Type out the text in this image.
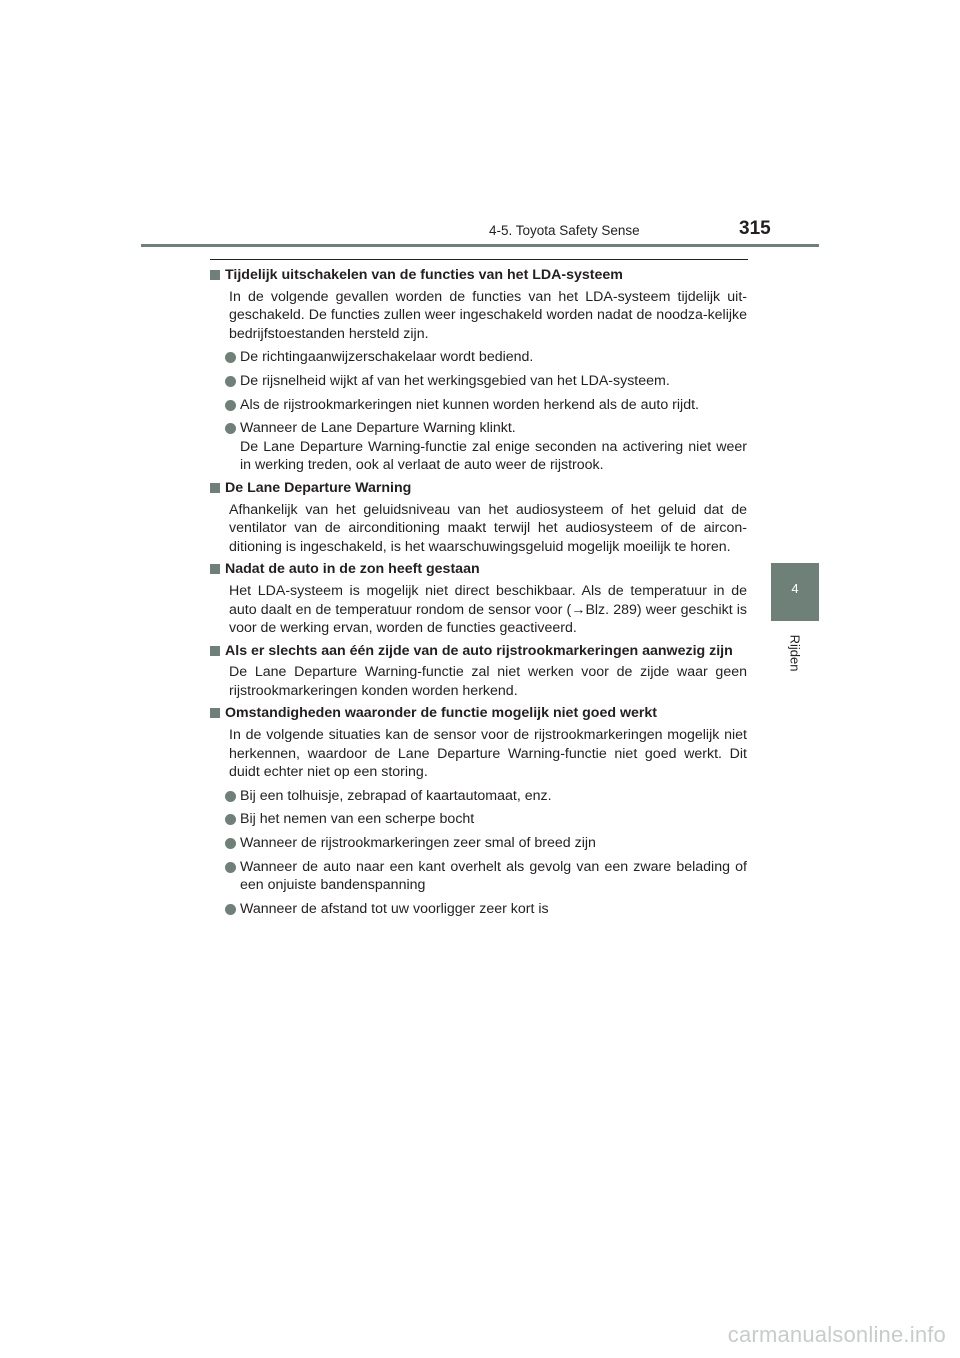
4-5. Toyota Safety Sense	315
4
Rijden
Tijdelijk uitschakelen van de functies van het LDA-systeem
In de volgende gevallen worden de functies van het LDA-systeem tijdelijk uit-geschakeld. De functies zullen weer ingeschakeld worden nadat de noodza-kelijke bedrijfstoestanden hersteld zijn.
De richtingaanwijzerschakelaar wordt bediend.
De rijsnelheid wijkt af van het werkingsgebied van het LDA-systeem.
Als de rijstrookmarkeringen niet kunnen worden herkend als de auto rijdt.
Wanneer de Lane Departure Warning klinkt.
De Lane Departure Warning-functie zal enige seconden na activering niet weer in werking treden, ook al verlaat de auto weer de rijstrook.
De Lane Departure Warning
Afhankelijk van het geluidsniveau van het audiosysteem of het geluid dat de ventilator van de airconditioning maakt terwijl het audiosysteem of de aircon-ditioning is ingeschakeld, is het waarschuwingsgeluid mogelijk moeilijk te horen.
Nadat de auto in de zon heeft gestaan
Het LDA-systeem is mogelijk niet direct beschikbaar. Als de temperatuur in de auto daalt en de temperatuur rondom de sensor voor (→Blz. 289) weer geschikt is voor de werking ervan, worden de functies geactiveerd.
Als er slechts aan één zijde van de auto rijstrookmarkeringen aanwezig zijn
De Lane Departure Warning-functie zal niet werken voor de zijde waar geen rijstrookmarkeringen konden worden herkend.
Omstandigheden waaronder de functie mogelijk niet goed werkt
In de volgende situaties kan de sensor voor de rijstrookmarkeringen mogelijk niet herkennen, waardoor de Lane Departure Warning-functie niet goed werkt. Dit duidt echter niet op een storing.
Bij een tolhuisje, zebrapad of kaartautomaat, enz.
Bij het nemen van een scherpe bocht
Wanneer de rijstrookmarkeringen zeer smal of breed zijn
Wanneer de auto naar een kant overhelt als gevolg van een zware belading of een onjuiste bandenspanning
Wanneer de afstand tot uw voorligger zeer kort is
carmanualsonline.info
